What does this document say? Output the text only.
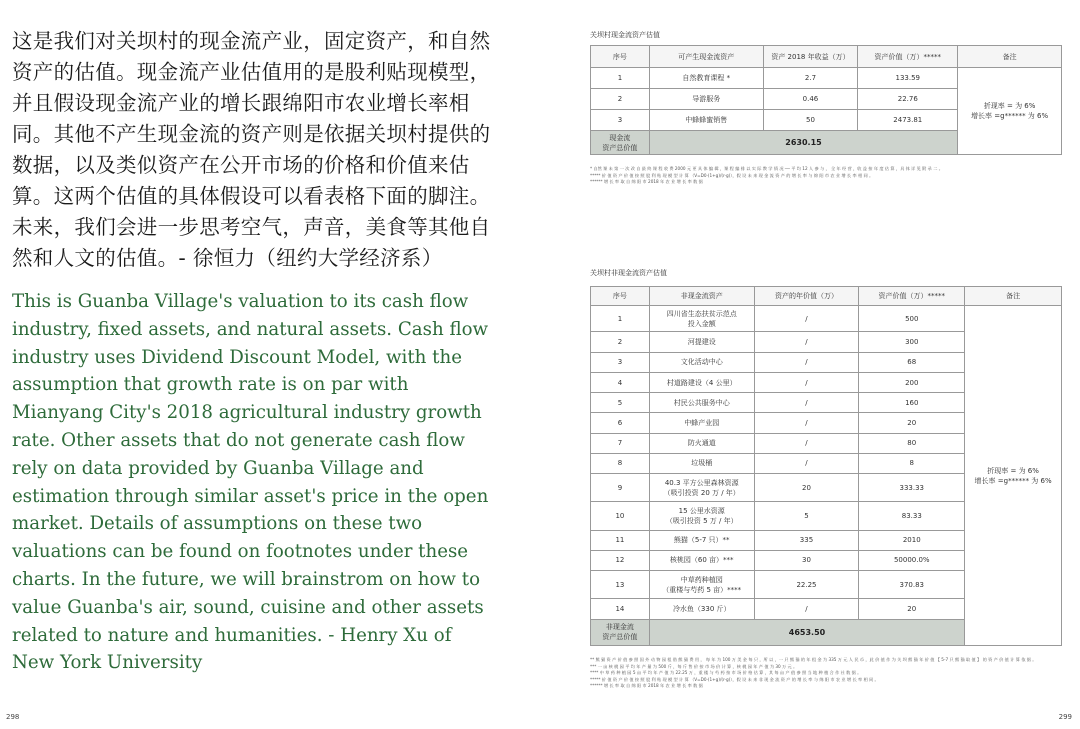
这是我们对关坝村的现金流产业，固定资产，和自然资产的估值。现金流产业估值用的是股利贴现模型，并且假设现金流产业的增长跟绵阳市农业增长率相同。其他不产生现金流的资产则是依据关坝村提供的数据，以及类似资产在公开市场的价格和价值来估算。这两个估值的具体假设可以看表格下面的脚注。未来，我们会进一步思考空气，声音，美食等其他自然和人文的估值。- 徐恒力（纽约大学经济系）

This is Guanba Village's valuation to its cash flow industry, fixed assets, and natural assets. Cash flow industry uses Dividend Discount Model, with the assumption that growth rate is on par with Mianyang City's 2018 agricultural industry growth rate. Other assets that do not generate cash flow rely on data provided by Guanba Village and estimation through similar asset's price in the open market. Details of assumptions on these two valuations can be found on footnotes under these charts. In the future, we will brainstrom on how to value Guanba's air, sound, cuisine and other assets related to nature and humanities. - Henry Xu of New York University

298	299
关坝村现金流资产估值
序号	可产生现金流资产	资产 2018 年收益（万）	资产价值（万）*****	备注
1	自然教育课程 *	2.7	133.59	折现率 = 为 6%
增长率 =g****** 为 6%
2	导游服务	0.46	22.76	
3	中蜂蜂蜜销售	50	2473.81	
现金流
资产总价值	2630.15			
* 自然 课 未 第 一 次 改 自 最 终 课 程 收 费 2000 元 更 具 体 编 辑 ，课 程 编 排 以 实 际 教 学 情 况 ── 平 均 12 人 参 与 ， 全 年 经 营 ，收 益 按 年 度 估 算 ，具 体 详 见 附 录 二 。
***** 价 值 资 产 价 值 按 照 股 利 贴 现 模 型 计 算 （V=D0·(1+g)/(r-g)），假 设 未 来 现 金 流 资 产 的 增 长 率 与 绵 阳 市 农 业 增 长 率 相 同 。
****** 增 长 率 取 自 绵 阳 市 2018 年 农 业 增 长 率 数 据
关坝村非现金流资产估值
序号	非现金流资产	资产的年价值（万）	资产价值（万）*****	备注
1	四川省生态扶贫示范点
投入金额	/	500	折现率 = 为 6%
增长率 =g****** 为 6%
2	河提建设	/	300	
3	文化活动中心	/	68	
4	村道路建设（4 公里）	/	200	
5	村民公共服务中心	/	160	
6	中蜂产业园	/	20	
7	防火通道	/	80	
8	垃圾桶	/	8	
9	40.3 平方公里森林资源
（吸引投资 20 万 / 年）	20	333.33	
10	15 公里水资源
（吸引投资 5 万 / 年）	5	83.33	
11	熊猫（5-7 只）**	335	2010	
12	核桃园（60 亩）***	30	50000.0%	
13	中草药种植园
（重楼与芍药 5 亩）****	22.25	370.83	
14	冷水鱼（330 斤）	/	20	
非现金流
资产总价值	4653.50			
** 熊 猫 资 产 价 值 参 照 国 外 动 物 园 租 借 熊 猫 费 用 ， 每 年 为 100 万 美 金 每 只 ，所 以 ，一 只 熊 猫 的 年 租 金 为 335 万 元 人 民 币 ，此 价 值 作 为 关 坝 熊 猫 年 价 值 【 5-7 只 熊 猫 取 值 】 的 资 产 价 值 计 算 依 据 。
*** 一 亩 核 桃 园 平 均 年 产 量 为 500 斤 ，每 斤 售 价 按 市 场 价 计 算 ，核 桃 园 年 产 值 为 30 万 元 。
**** 中 草 药 种 植 园 5 亩 平 均 年 产 值 为 22.25 万 ，重 楼 与 芍 药 按 市 场 价 格 估 算 ，其 每 亩 产 值 参 照 当 地 种 植 合 作 社 数 据 。
***** 价 值 资 产 价 值 按 照 股 利 贴 现 模 型 计 算 （V=D0·(1+g)/(r-g)），假 设 未 来 非 现 金 流 资 产 的 增 长 率 与 绵 阳 市 农 业 增 长 率 相 同 。
****** 增 长 率 取 自 绵 阳 市 2018 年 农 业 增 长 率 数 据
